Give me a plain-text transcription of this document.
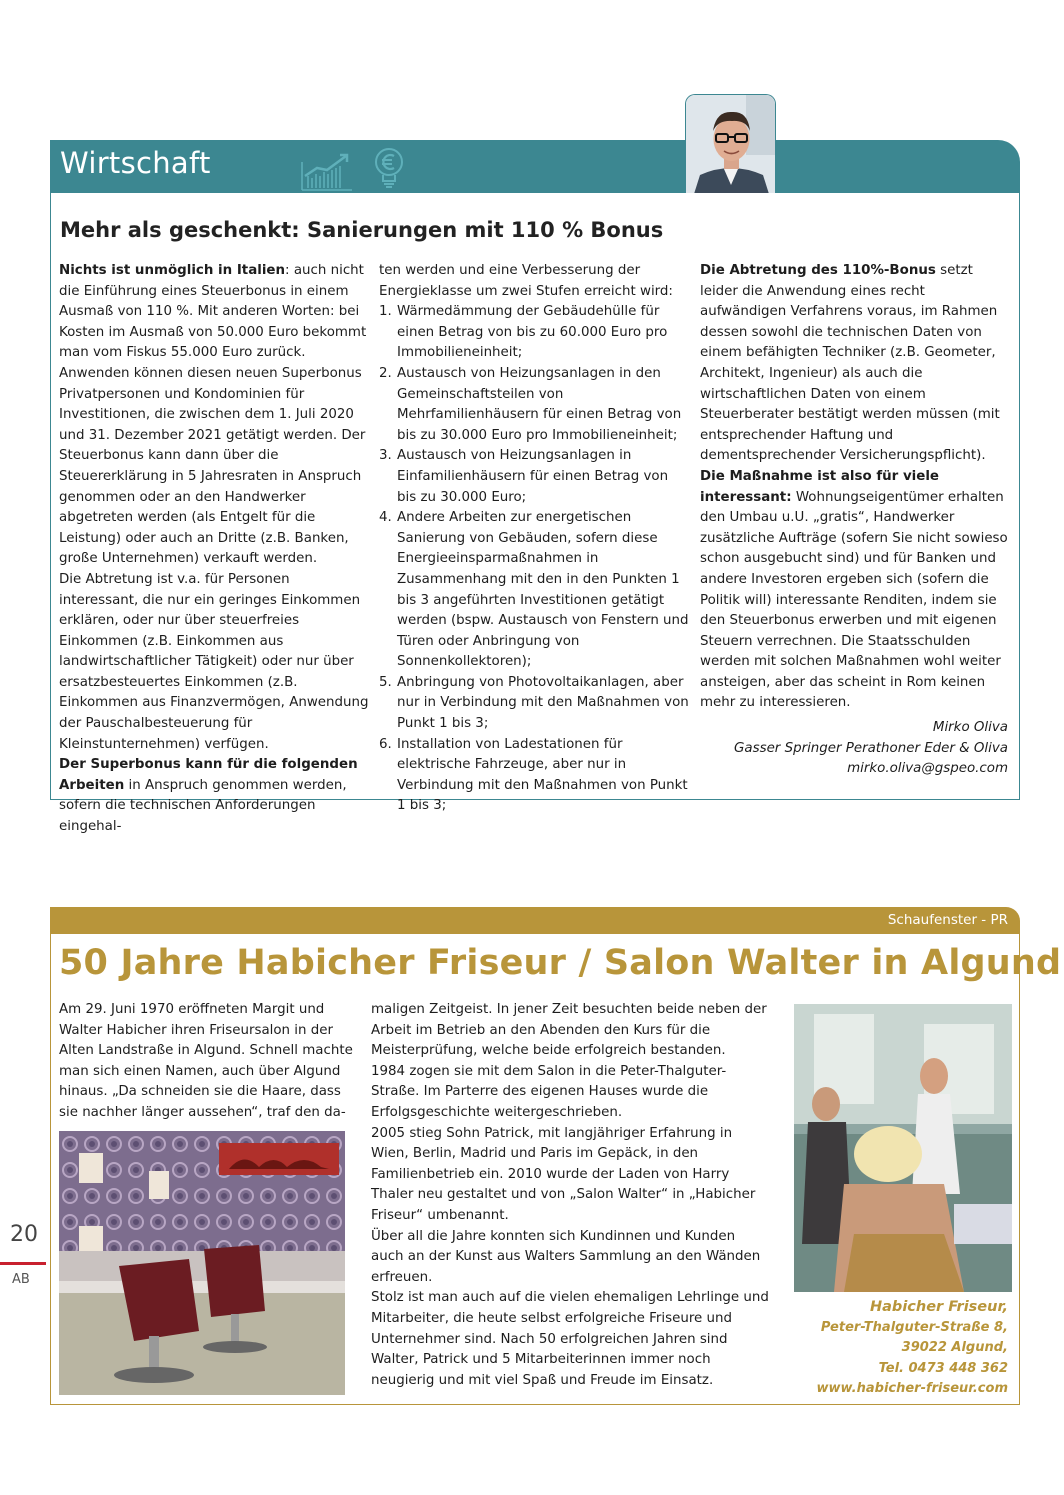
Wirtschaft
Mehr als geschenkt: Sanierungen mit 110 % Bonus

Nichts ist unmöglich in Italien: auch nicht die Einführung eines Steuerbonus in einem Ausmaß von 110 %. Mit anderen Worten: bei Kosten im Ausmaß von 50.000 Euro bekommt man vom Fiskus 55.000 Euro zurück. Anwenden können diesen neuen Superbonus Privatpersonen und Kondominien für Investitionen, die zwischen dem 1. Juli 2020 und 31. Dezember 2021 getätigt werden. Der Steuerbonus kann dann über die Steuererklärung in 5 Jahresraten in Anspruch genommen oder an den Handwerker abgetreten werden (als Entgelt für die Leistung) oder auch an Dritte (z.B. Banken, große Unternehmen) verkauft werden.

Die Abtretung ist v.a. für Personen interessant, die nur ein geringes Einkommen erklären, oder nur über steuerfreies Einkommen (z.B. Einkommen aus landwirtschaftlicher Tätigkeit) oder nur über ersatzbesteuertes Einkommen (z.B. Einkommen aus Finanzvermögen, Anwendung der Pauschalbesteuerung für Kleinstunternehmen) verfügen.

Der Superbonus kann für die folgenden Arbeiten in Anspruch genommen werden, sofern die technischen Anforderungen eingehal-

ten werden und eine Verbesserung der Energieklasse um zwei Stufen erreicht wird:

1. Wärmedämmung der Gebäudehülle für einen Betrag von bis zu 60.000 Euro pro Immobilieneinheit;
2. Austausch von Heizungsanlagen in den Gemeinschaftsteilen von Mehrfamilienhäusern für einen Betrag von bis zu 30.000 Euro pro Immobilieneinheit;
3. Austausch von Heizungsanlagen in Einfamilienhäusern für einen Betrag von bis zu 30.000 Euro;
4. Andere Arbeiten zur energetischen Sanierung von Gebäuden, sofern diese Energieeinsparmaßnahmen in Zusammenhang mit den in den Punkten 1 bis 3 angeführten Investitionen getätigt werden (bspw. Austausch von Fenstern und Türen oder Anbringung von Sonnenkollektoren);
5. Anbringung von Photovoltaikanlagen, aber nur in Verbindung mit den Maßnahmen von Punkt 1 bis 3;
6. Installation von Ladestationen für elektrische Fahrzeuge, aber nur in Verbindung mit den Maßnahmen von Punkt 1 bis 3;

Die Abtretung des 110%-Bonus setzt leider die Anwendung eines recht aufwändigen Verfahrens voraus, im Rahmen dessen sowohl die technischen Daten von einem befähigten Techniker (z.B. Geometer, Architekt, Ingenieur) als auch die wirtschaftlichen Daten von einem Steuerberater bestätigt werden müssen (mit entsprechender Haftung und dementsprechender Versicherungspflicht).

Die Maßnahme ist also für viele interessant: Wohnungseigentümer erhalten den Umbau u.U. „gratis“, Handwerker zusätzliche Aufträge (sofern Sie nicht sowieso schon ausgebucht sind) und für Banken und andere Investoren ergeben sich (sofern die Politik will) interessante Renditen, indem sie den Steuerbonus erwerben und mit eigenen Steuern verrechnen. Die Staatsschulden werden mit solchen Maßnahmen wohl weiter ansteigen, aber das scheint in Rom keinen mehr zu interessieren.

Mirko Oliva
Gasser Springer Perathoner Eder & Oliva
mirko.oliva@gspeo.com
Schaufenster - PR
50 Jahre Habicher Friseur / Salon Walter in Algund

Am 29. Juni 1970 eröffneten Margit und Walter Habicher ihren Friseursalon in der Alten Landstraße in Algund. Schnell machte man sich einen Namen, auch über Algund hinaus. „Da schneiden sie die Haare, dass sie nachher länger aussehen“, traf den da-

maligen Zeitgeist. In jener Zeit besuchten beide neben der Arbeit im Betrieb an den Abenden den Kurs für die Meisterprüfung, welche beide erfolgreich bestanden.

1984 zogen sie mit dem Salon in die Peter-Thalguter-Straße. Im Parterre des eigenen Hauses wurde die Erfolgsgeschichte weitergeschrieben.

2005 stieg Sohn Patrick, mit langjähriger Erfahrung in Wien, Berlin, Madrid und Paris im Gepäck, in den Familienbetrieb ein. 2010 wurde der Laden von Harry Thaler neu gestaltet und von „Salon Walter“ in „Habicher Friseur“ umbenannt.

Über all die Jahre konnten sich Kundinnen und Kunden auch an der Kunst aus Walters Sammlung an den Wänden erfreuen.

Stolz ist man auch auf die vielen ehemaligen Lehrlinge und Mitarbeiter, die heute selbst erfolgreiche Friseure und Unternehmer sind. Nach 50 erfolgreichen Jahren sind Walter, Patrick und 5 Mitarbeiterinnen immer noch neugierig und mit viel Spaß und Freude im Einsatz.

Habicher Friseur,
Peter-Thalguter-Straße 8,
39022 Algund,
Tel. 0473 448 362
www.habicher-friseur.com
20
AB
